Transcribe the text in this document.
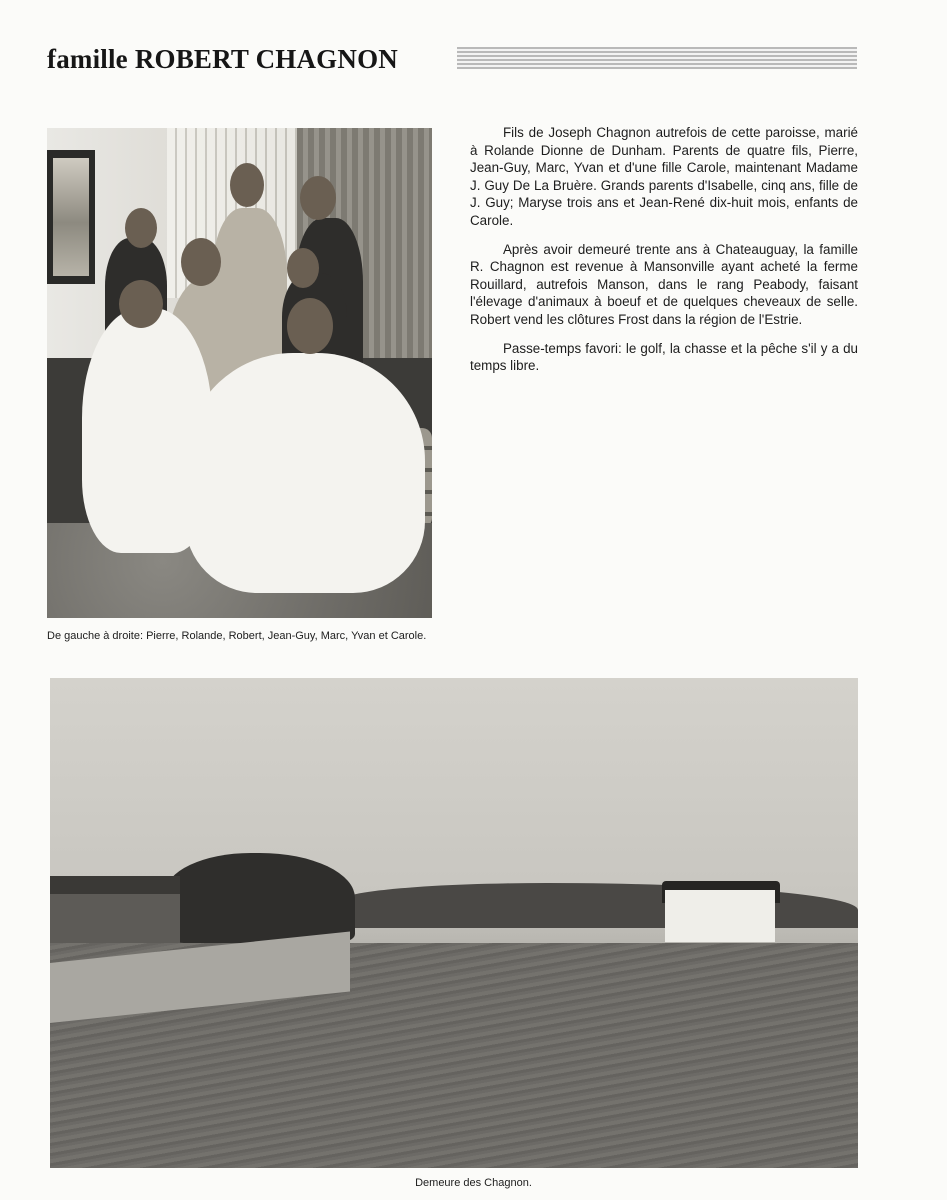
famille ROBERT CHAGNON
De gauche à droite: Pierre, Rolande, Robert, Jean-Guy, Marc, Yvan et Carole.

Fils de Joseph Chagnon autrefois de cette paroisse, marié à Rolande Dionne de Dunham. Parents de quatre fils, Pierre, Jean-Guy, Marc, Yvan et d'une fille Carole, maintenant Madame J. Guy De La Bruère. Grands parents d'Isabelle, cinq ans, fille de J. Guy; Maryse trois ans et Jean-René dix-huit mois, enfants de Carole.

Après avoir demeuré trente ans à Chateauguay, la famille R. Chagnon est revenue à Mansonville ayant acheté la ferme Rouillard, autrefois Manson, dans le rang Peabody, faisant l'élevage d'animaux à boeuf et de quelques cheveaux de selle. Robert vend les clôtures Frost dans la région de l'Estrie.

Passe-temps favori: le golf, la chasse et la pêche s'il y a du temps libre.

Demeure des Chagnon.
